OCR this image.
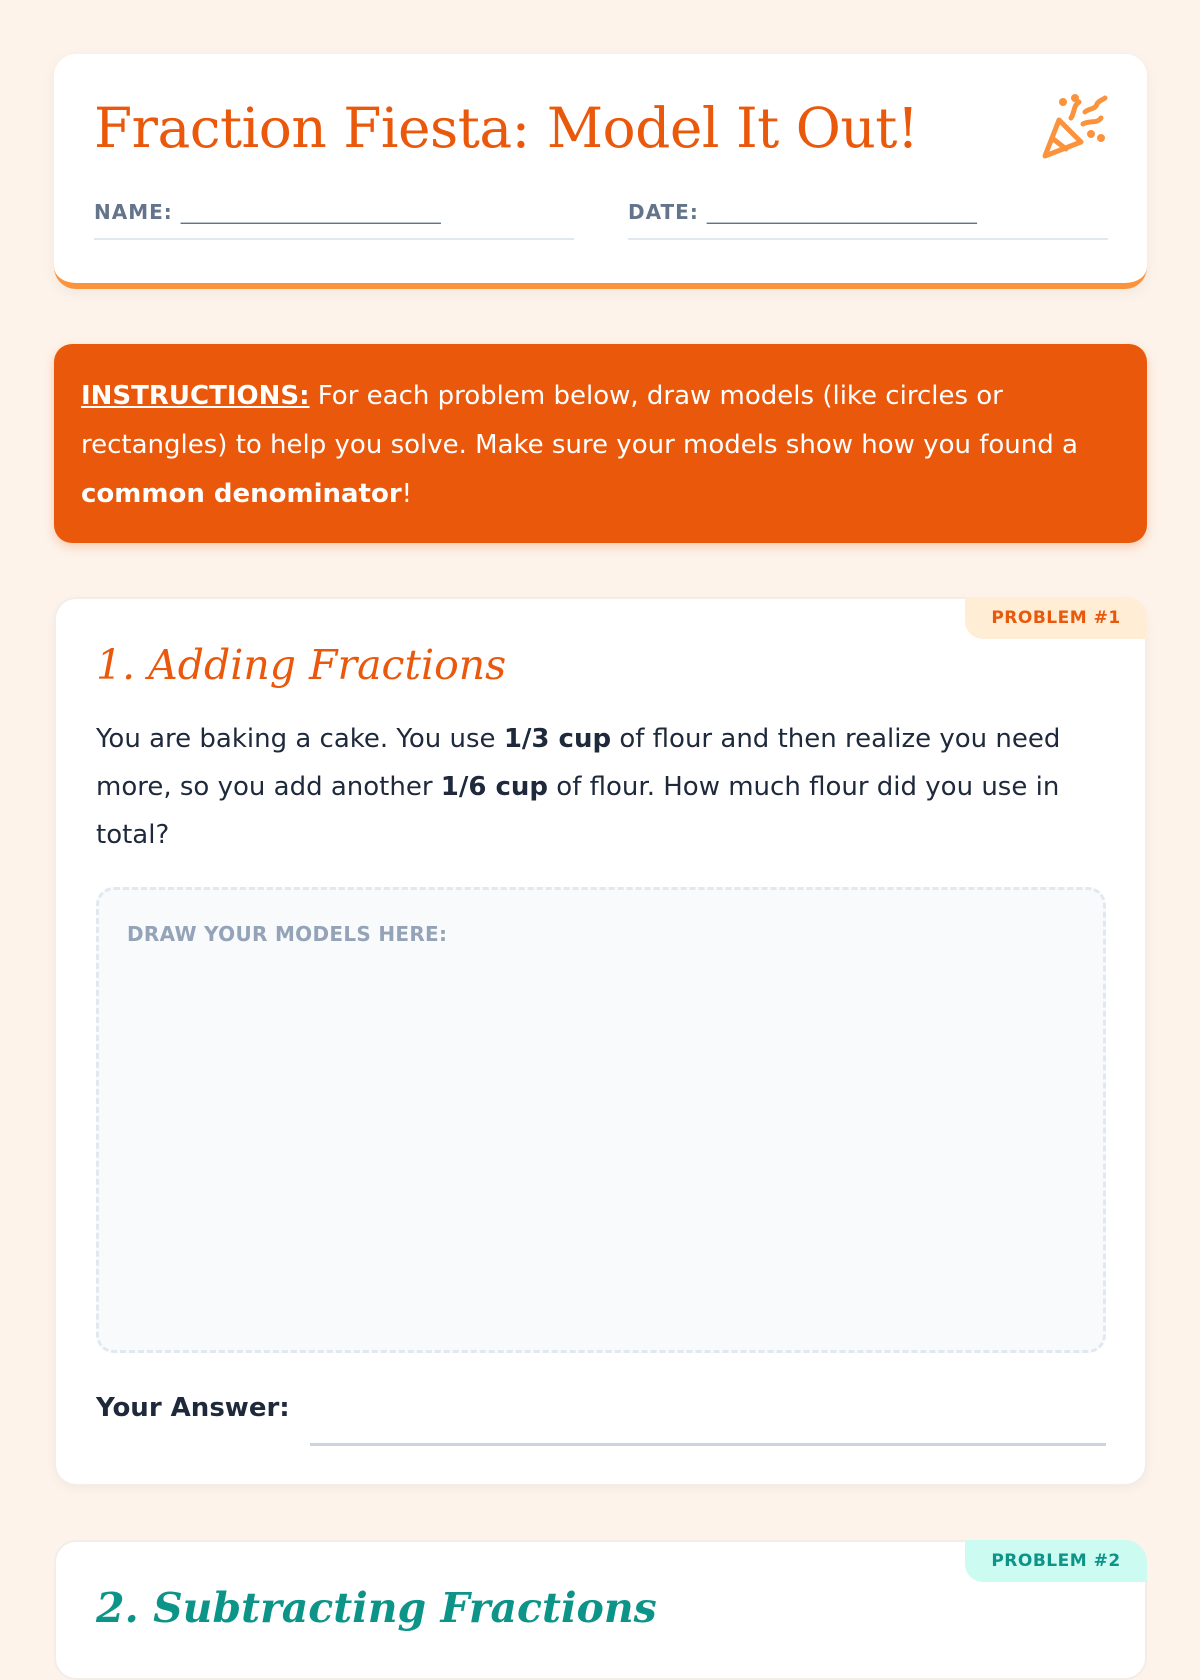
Fraction Fiesta: Model It Out!
NAME: __________________________	DATE: ___________________________
INSTRUCTIONS: For each problem below, draw models (like circles or rectangles) to help you solve. Make sure your models show how you found a common denominator!
PROBLEM #1
1. Adding Fractions

You are baking a cake. You use 1/3 cup of flour and then realize you need more, so you add another 1/6 cup of flour. How much flour did you use in total?

DRAW YOUR MODELS HERE:
Your Answer:
PROBLEM #2
2. Subtracting Fractions
